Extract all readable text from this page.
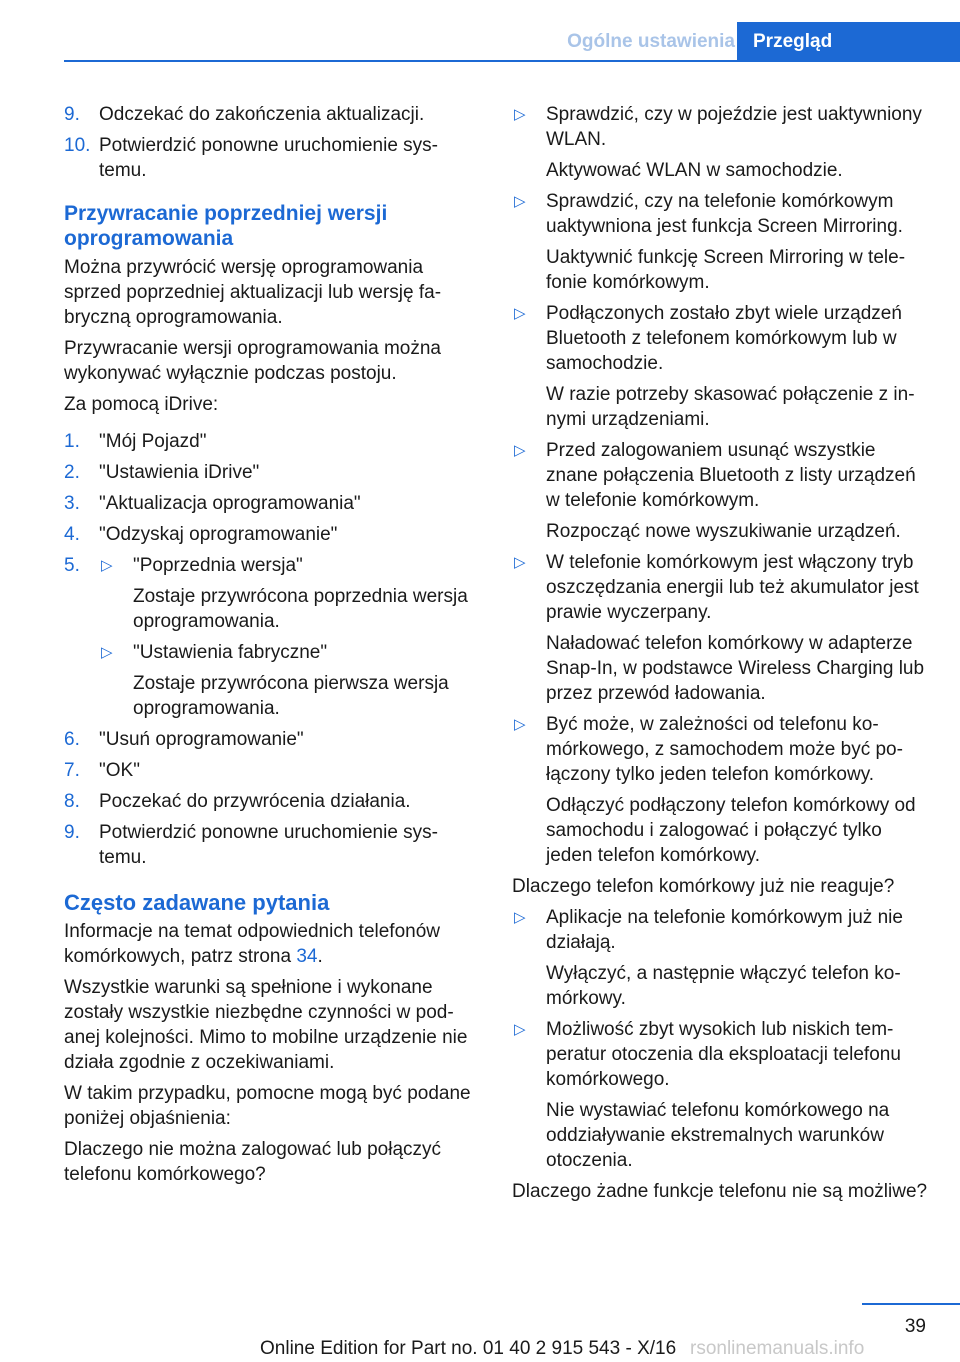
Ogólne ustawienia Przegląd
9. Odczekać do zakończenia aktualizacji.
10. Potwierdzić ponowne uruchomienie systemu.
Przywracanie poprzedniej wersji oprogramowania
Można przywrócić wersję oprogramowania sprzed poprzedniej aktualizacji lub wersję fabryczną oprogramowania.
Przywracanie wersji oprogramowania można wykonywać wyłącznie podczas postoju.
Za pomocą iDrive:
1. "Mój Pojazd"
2. "Ustawienia iDrive"
3. "Aktualizacja oprogramowania"
4. "Odzyskaj oprogramowanie"
5. ▷ "Poprzednia wersja"
Zostaje przywrócona poprzednia wersja oprogramowania.
▷ "Ustawienia fabryczne"
Zostaje przywrócona pierwsza wersja oprogramowania.
6. "Usuń oprogramowanie"
7. "OK"
8. Poczekać do przywrócenia działania.
9. Potwierdzić ponowne uruchomienie systemu.
Często zadawane pytania
Informacje na temat odpowiednich telefonów komórkowych, patrz strona 34.
Wszystkie warunki są spełnione i wykonane zostały wszystkie niezbędne czynności w podanej kolejności. Mimo to mobilne urządzenie nie działa zgodnie z oczekiwaniami.
W takim przypadku, pomocne mogą być podane poniżej objaśnienia:
Dlaczego nie można zalogować lub połączyć telefonu komórkowego?
▷ Sprawdzić, czy w pojeździe jest uaktywniony WLAN.
Aktywować WLAN w samochodzie.
▷ Sprawdzić, czy na telefonie komórkowym uaktywniona jest funkcja Screen Mirroring.
Uaktywnić funkcję Screen Mirroring w telefonie komórkowym.
▷ Podłączonych zostało zbyt wiele urządzeń Bluetooth z telefonem komórkowym lub w samochodzie.
W razie potrzeby skasować połączenie z innymi urządzeniami.
▷ Przed zalogowaniem usunąć wszystkie znane połączenia Bluetooth z listy urządzeń w telefonie komórkowym.
Rozpocząć nowe wyszukiwanie urządzeń.
▷ W telefonie komórkowym jest włączony tryb oszczędzania energii lub też akumulator jest prawie wyczerpany.
Naładować telefon komórkowy w adapterze Snap-In, w podstawce Wireless Charging lub przez przewód ładowania.
▷ Być może, w zależności od telefonu komórkowego, z samochodem może być połączony tylko jeden telefon komórkowy.
Odłączyć podłączony telefon komórkowy od samochodu i zalogować i połączyć tylko jeden telefon komórkowy.
Dlaczego telefon komórkowy już nie reaguje?
▷ Aplikacje na telefonie komórkowym już nie działają.
Wyłączyć, a następnie włączyć telefon komórkowy.
▷ Możliwość zbyt wysokich lub niskich temperatur otoczenia dla eksploatacji telefonu komórkowego.
Nie wystawiać telefonu komórkowego na oddziaływanie ekstremalnych warunków otoczenia.
Dlaczego żadne funkcje telefonu nie są możliwe?
39
Online Edition for Part no. 01 40 2 915 543 - X/16 rsonlinemanuals.info
